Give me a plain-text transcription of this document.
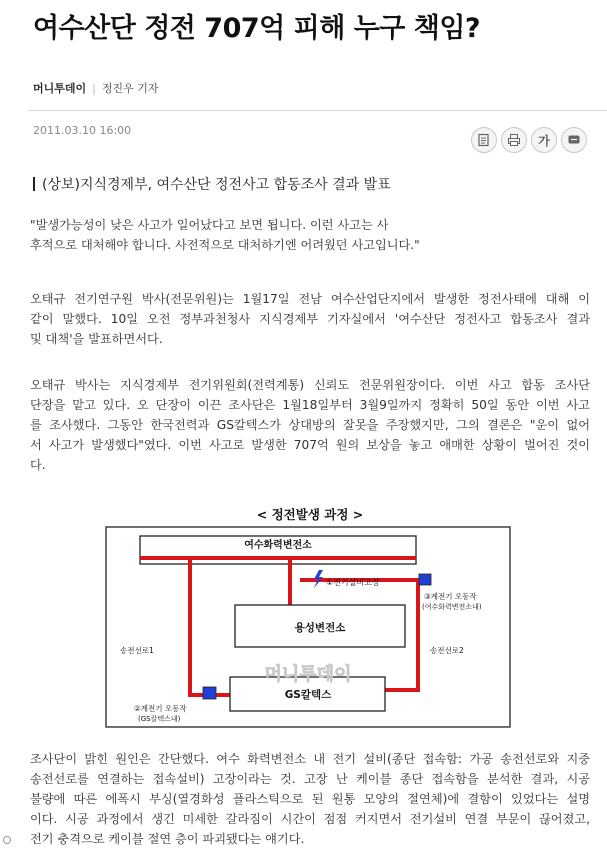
여수산단 정전 707억 피해 누구 책임?
머니투데이 | 정진우 기자
2011.03.10 16:00
가
(상보)지식경제부, 여수산단 정전사고 합동조사 결과 발표
"발생가능성이 낮은 사고가 일어났다고 보면 됩니다. 이런 사고는 사
후적으로 대처해야 합니다. 사전적으로 대처하기엔 어려웠던 사고입니다."
오태규 전기연구원 박사(전문위원)는 1월17일 전남 여수산업단지에서 발생한 정전사태에 대해 이
같이 말했다. 10일 오전 정부과천청사 지식경제부 기자실에서 '여수산단 정전사고 합동조사 결과
및 대책'을 발표하면서다.
오태규 박사는 지식경제부 전기위원회(전력계통) 신뢰도 전문위원장이다. 이번 사고 합동 조사단
단장을 맡고 있다. 오 단장이 이끈 조사단은 1월18일부터 3월9일까지 정확히 50일 동안 이번 사고
를 조사했다. 그동안 한국전력과 GS칼텍스가 상대방의 잘못을 주장했지만, 그의 결론은 "운이 없어
서 사고가 발생했다"였다. 이번 사고로 발생한 707억 원의 보상을 놓고 애매한 상황이 벌어진 것이
다.
< 정전발생 과정 >
여수화력변전소
용성변전소
GS칼텍스
①전기설비고장
③계전기 오동작
(여수화력변전소내)
②계전기 오동작
(GS칼텍스내)
송전선로1	송전선로2
머니투데이
조사단이 밝힌 원인은 간단했다. 여수 화력변전소 내 전기 설비(종단 접속함: 가공 송전선로와 지중
송전선로를 연결하는 접속설비) 고장이라는 것. 고장 난 케이블 종단 접속함을 분석한 결과, 시공
불량에 따른 에폭시 부싱(열경화성 플라스틱으로 된 원통 모양의 절연체)에 결함이 있었다는 설명
이다. 시공 과정에서 생긴 미세한 갈라짐이 시간이 점점 커지면서 전기설비 연결 부문이 끊어졌고,
전기 충격으로 케이블 절연 층이 파괴됐다는 얘기다.
